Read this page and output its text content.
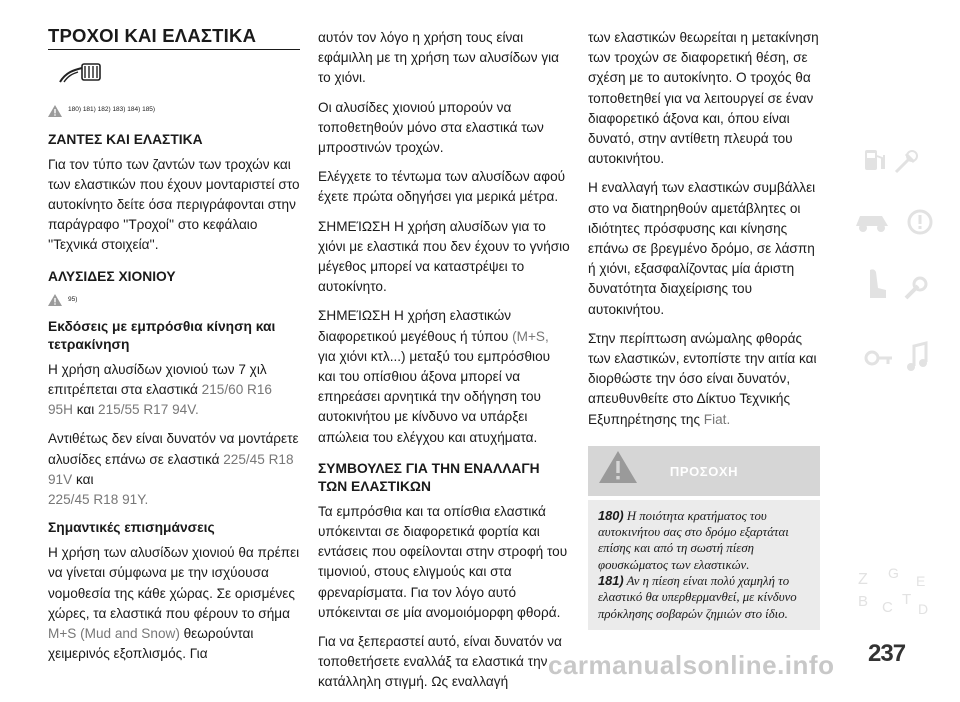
ΤΡΟΧΟΙ ΚΑΙ ΕΛΑΣΤΙΚΑ
180) 181) 182) 183) 184) 185)
ΖΑΝΤΕΣ ΚΑΙ ΕΛΑΣΤΙΚΑ

Για τον τύπο των ζαντών των τροχών και των ελαστικών που έχουν μονταριστεί στο αυτοκίνητο δείτε όσα περιγράφονται στην παράγραφο ''Τροχοί'' στο κεφάλαιο ''Τεχνικά στοιχεία''.

ΑΛΥΣΙΔΕΣ ΧΙΟΝΙΟΥ
95)
Εκδόσεις με εμπρόσθια κίνηση και τετρακίνηση

Η χρήση αλυσίδων χιονιού των 7 χιλ επιτρέπεται στα ελαστικά 215/60 R16 95H και 215/55 R17 94V.

Αντιθέτως δεν είναι δυνατόν να μοντάρετε αλυσίδες επάνω σε ελαστικά 225/45 R18 91V και
225/45 R18 91Y.

Σημαντικές επισημάνσεις

Η χρήση των αλυσίδων χιονιού θα πρέπει να γίνεται σύμφωνα με την ισχύουσα νομοθεσία της κάθε χώρας. Σε ορισμένες χώρες, τα ελαστικά που φέρουν το σήμα M+S (Mud and Snow) θεωρούνται χειμερινός εξοπλισμός. Για

αυτόν τον λόγο η χρήση τους είναι εφάμιλλη με τη χρήση των αλυσίδων για το χιόνι.

Οι αλυσίδες χιονιού μπορούν να τοποθετηθούν μόνο στα ελαστικά των μπροστινών τροχών.

Ελέγχετε το τέντωμα των αλυσίδων αφού έχετε πρώτα οδηγήσει για μερικά μέτρα.

ΣΗΜΕΊΩΣΗ Η χρήση αλυσίδων για το χιόνι με ελαστικά που δεν έχουν το γνήσιο μέγεθος μπορεί να καταστρέψει το αυτοκίνητο.

ΣΗΜΕΊΩΣΗ Η χρήση ελαστικών διαφορετικού μεγέθους ή τύπου (M+S, για χιόνι κτλ...) μεταξύ του εμπρόσθιου και του οπίσθιου άξονα μπορεί να επηρεάσει αρνητικά την οδήγηση του αυτοκινήτου με κίνδυνο να υπάρξει απώλεια του ελέγχου και ατυχήματα.

ΣΥΜΒΟΥΛΕΣ ΓΙΑ ΤΗΝ ΕΝΑΛΛΑΓΗ ΤΩΝ ΕΛΑΣΤΙΚΩΝ

Τα εμπρόσθια και τα οπίσθια ελαστικά υπόκεινται σε διαφορετικά φορτία και εντάσεις που οφείλονται στην στροφή του τιμονιού, στους ελιγμούς και στα φρεναρίσματα. Για τον λόγο αυτό υπόκεινται σε μία ανομοιόμορφη φθορά.

Για να ξεπεραστεί αυτό, είναι δυνατόν να τοποθετήσετε εναλλάξ τα ελαστικά την κατάλληλη στιγμή. Ως εναλλαγή

των ελαστικών θεωρείται η μετακίνηση των τροχών σε διαφορετική θέση, σε σχέση με το αυτοκίνητο. Ο τροχός θα τοποθετηθεί για να λειτουργεί σε έναν διαφορετικό άξονα και, όπου είναι δυνατό, στην αντίθετη πλευρά του αυτοκινήτου.

Η εναλλαγή των ελαστικών συμβάλλει στο να διατηρηθούν αμετάβλητες οι ιδιότητες πρόσφυσης και κίνησης επάνω σε βρεγμένο δρόμο, σε λάσπη ή χιόνι, εξασφαλίζοντας μία άριστη δυνατότητα διαχείρισης του αυτοκινήτου.

Στην περίπτωση ανώμαλης φθοράς των ελαστικών, εντοπίστε την αιτία και διορθώστε την όσο είναι δυνατόν, απευθυνθείτε στο Δίκτυο Τεχνικής Εξυπηρέτησης της Fiat.

ΠΡΟΣΟΧΗ

180) Η ποιότητα κρατήματος του αυτοκινήτου σας στο δρόμο εξαρτάται επίσης και από τη σωστή πίεση φουσκώματος των ελαστικών.

181) Αν η πίεση είναι πολύ χαμηλή το ελαστικό θα υπερθερμανθεί, με κίνδυνο πρόκλησης σοβαρών ζημιών στο ίδιο.

Z G E
B C T
D
carmanualsonline.info 237
